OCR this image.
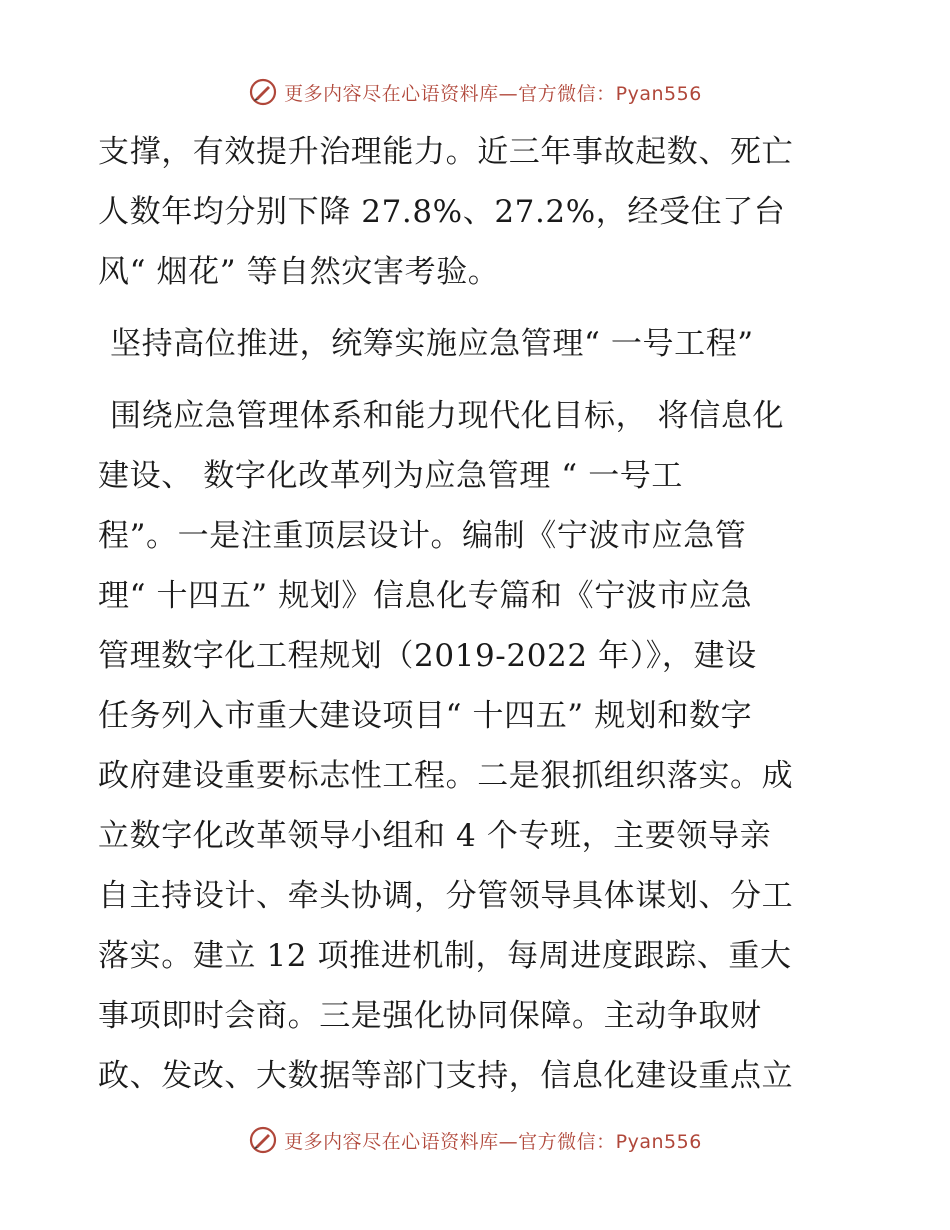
更多内容尽在心语资料库—官方微信：Pyan556
支撑，有效提升治理能力。近三年事故起数、死亡
人数年均分别下降 27.8%、27.2%，经受住了台
风“ 烟花” 等自然灾害考验。
坚持高位推进，统筹实施应急管理“ 一号工程”
围绕应急管理体系和能力现代化目标， 将信息化
建设、 数字化改革列为应急管理 “ 一号工
程”。一是注重顶层设计。编制《宁波市应急管
理“ 十四五” 规划》信息化专篇和《宁波市应急
管理数字化工程规划（2019-2022 年）》，建设
任务列入市重大建设项目“ 十四五” 规划和数字
政府建设重要标志性工程。二是狠抓组织落实。成
立数字化改革领导小组和 4 个专班，主要领导亲
自主持设计、牵头协调，分管领导具体谋划、分工
落实。建立 12 项推进机制，每周进度跟踪、重大
事项即时会商。三是强化协同保障。主动争取财
政、发改、大数据等部门支持，信息化建设重点立
更多内容尽在心语资料库—官方微信：Pyan556
